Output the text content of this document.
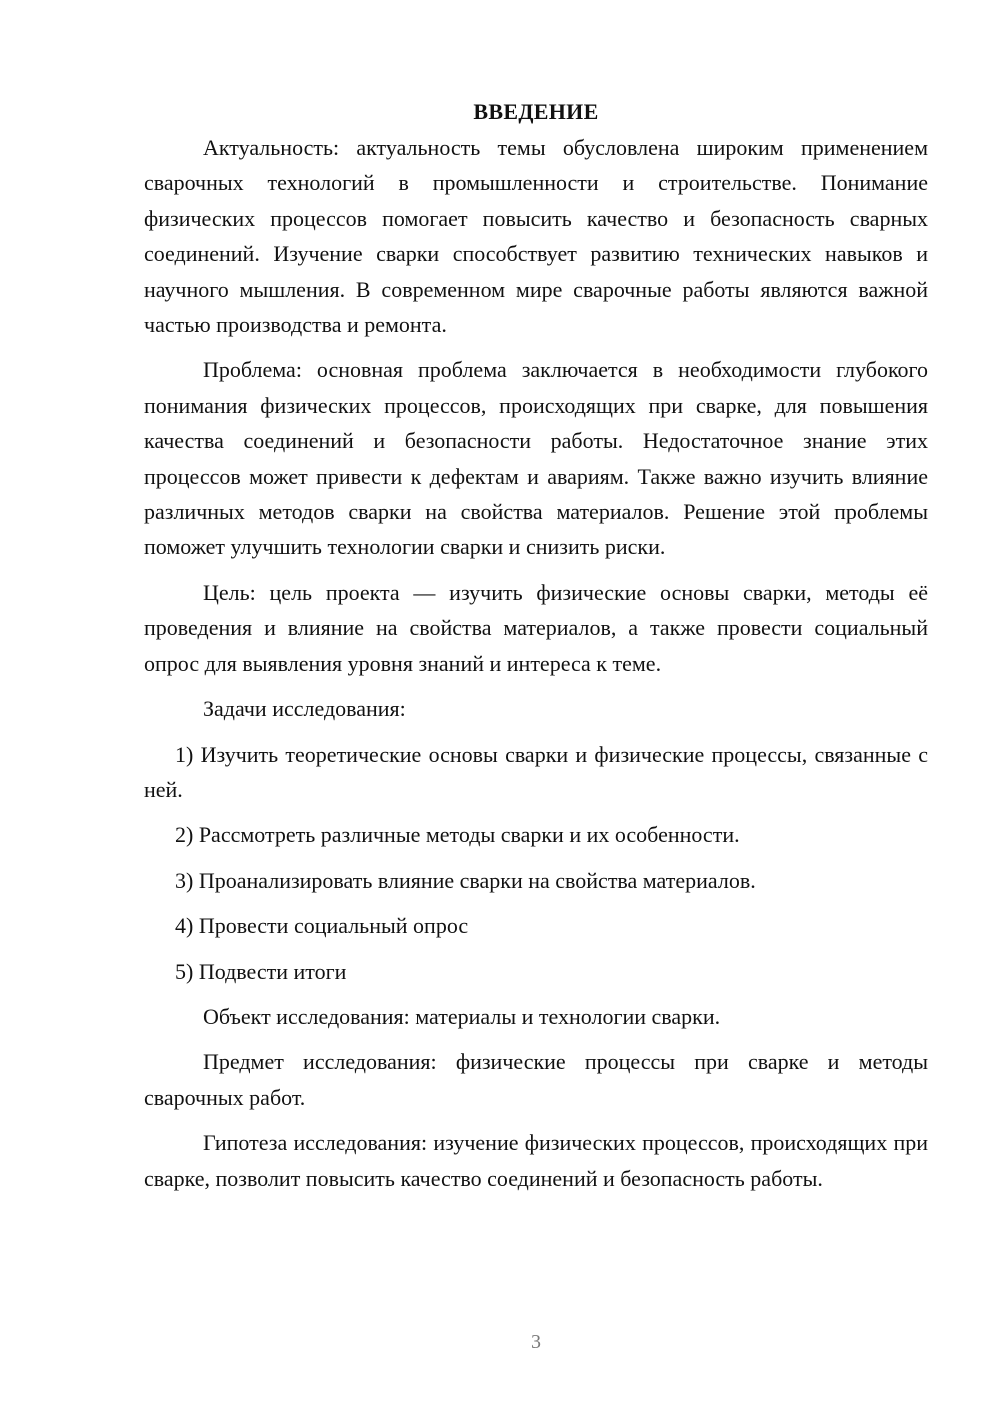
ВВЕДЕНИЕ

Актуальность: актуальность темы обусловлена широким применением сварочных технологий в промышленности и строительстве. Понимание физических процессов помогает повысить качество и безопасность сварных соединений. Изучение сварки способствует развитию технических навыков и научного мышления. В современном мире сварочные работы являются важной частью производства и ремонта.

Проблема: основная проблема заключается в необходимости глубокого понимания физических процессов, происходящих при сварке, для повышения качества соединений и безопасности работы. Недостаточное знание этих процессов может привести к дефектам и авариям. Также важно изучить влияние различных методов сварки на свойства материалов. Решение этой проблемы поможет улучшить технологии сварки и снизить риски.

Цель: цель проекта — изучить физические основы сварки, методы её проведения и влияние на свойства материалов, а также провести социальный опрос для выявления уровня знаний и интереса к теме.

Задачи исследования:

1) Изучить теоретические основы сварки и физические процессы, связанные с ней.

2) Рассмотреть различные методы сварки и их особенности.

3) Проанализировать влияние сварки на свойства материалов.

4) Провести социальный опрос

5) Подвести итоги

Объект исследования: материалы и технологии сварки.

Предмет исследования: физические процессы при сварке и методы сварочных работ.

Гипотеза исследования: изучение физических процессов, происходящих при сварке, позволит повысить качество соединений и безопасность работы.

3
